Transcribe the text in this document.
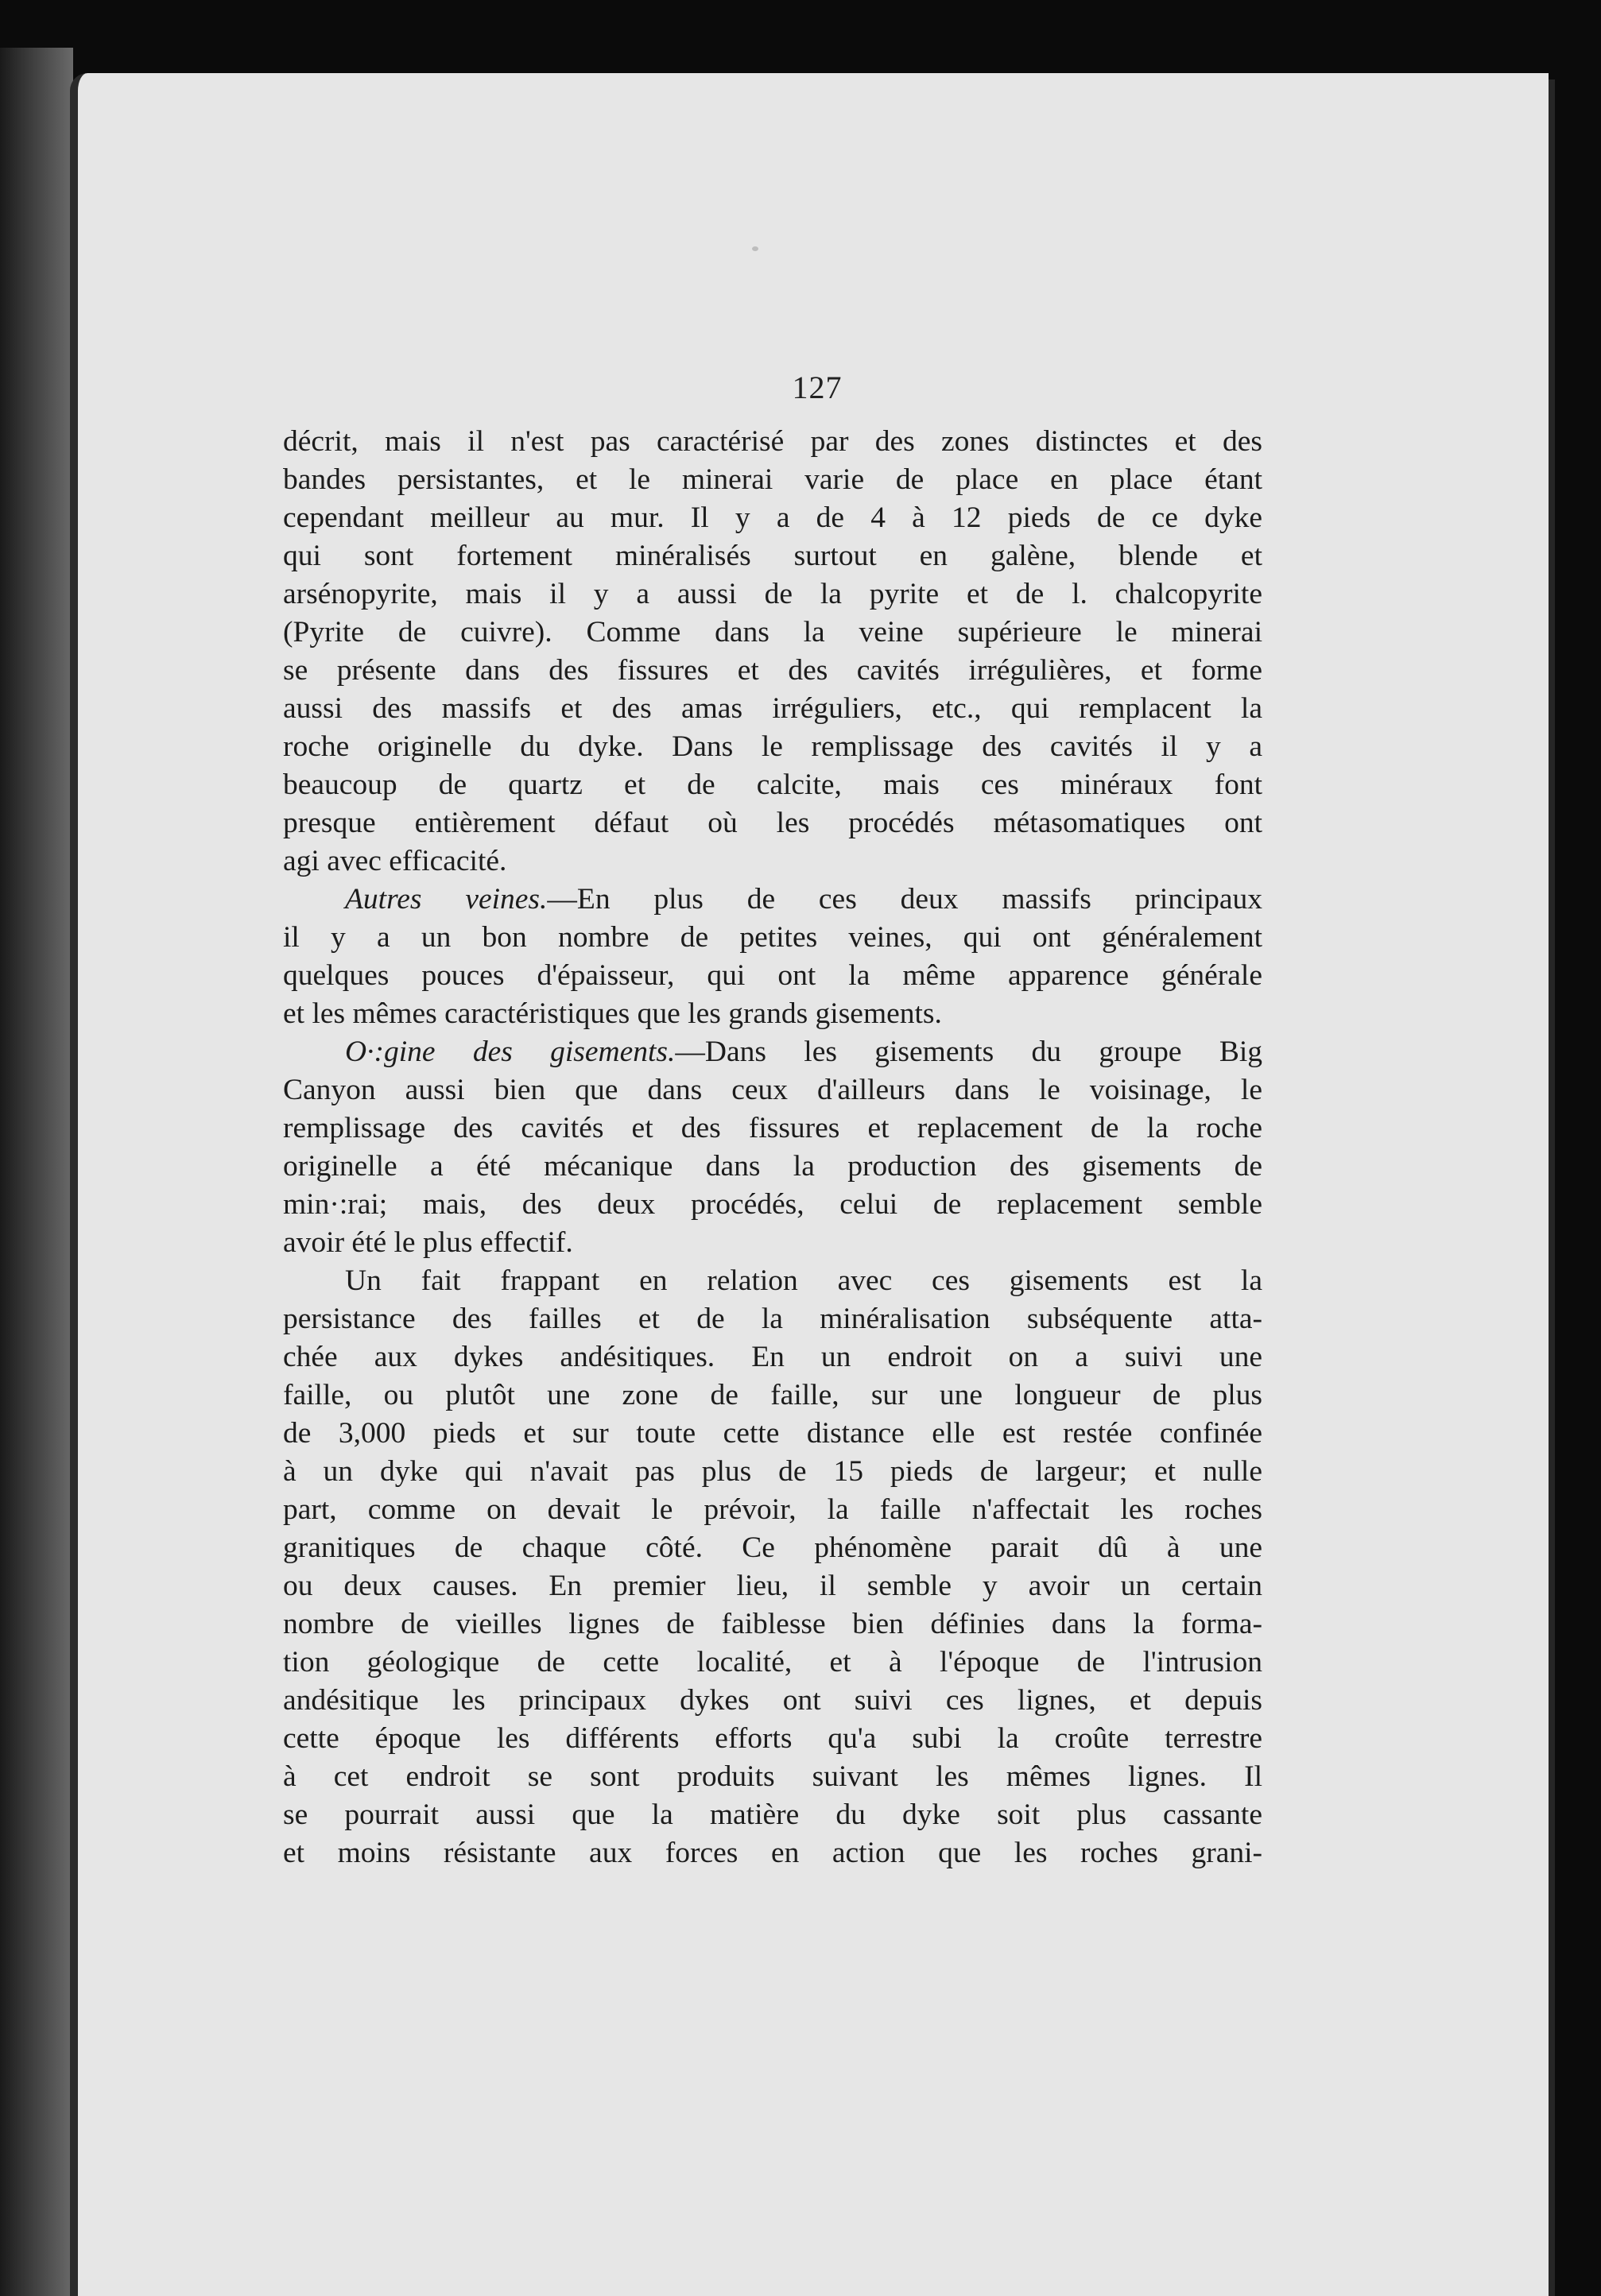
127
décrit, mais il n'est pas caractérisé par des zones distinctes et des
bandes persistantes, et le minerai varie de place en place étant
cependant meilleur au mur. Il y a de 4 à 12 pieds de ce dyke
qui sont fortement minéralisés surtout en galène, blende et
arsénopyrite, mais il y a aussi de la pyrite et de l. chalcopyrite
(Pyrite de cuivre). Comme dans la veine supérieure le minerai
se présente dans des fissures et des cavités irrégulières, et forme
aussi des massifs et des amas irréguliers, etc., qui remplacent la
roche originelle du dyke. Dans le remplissage des cavités il y a
beaucoup de quartz et de calcite, mais ces minéraux font
presque entièrement défaut où les procédés métasomatiques ont
agi avec efficacité.
Autres veines.—En plus de ces deux massifs principaux
il y a un bon nombre de petites veines, qui ont généralement
quelques pouces d'épaisseur, qui ont la même apparence générale
et les mêmes caractéristiques que les grands gisements.
O·:gine des gisements.—Dans les gisements du groupe Big
Canyon aussi bien que dans ceux d'ailleurs dans le voisinage, le
remplissage des cavités et des fissures et replacement de la roche
originelle a été mécanique dans la production des gisements de
min·:rai; mais, des deux procédés, celui de replacement semble
avoir été le plus effectif.
Un fait frappant en relation avec ces gisements est la
persistance des failles et de la minéralisation subséquente atta-
chée aux dykes andésitiques. En un endroit on a suivi une
faille, ou plutôt une zone de faille, sur une longueur de plus
de 3,000 pieds et sur toute cette distance elle est restée confinée
à un dyke qui n'avait pas plus de 15 pieds de largeur; et nulle
part, comme on devait le prévoir, la faille n'affectait les roches
granitiques de chaque côté. Ce phénomène parait dû à une
ou deux causes. En premier lieu, il semble y avoir un certain
nombre de vieilles lignes de faiblesse bien définies dans la forma-
tion géologique de cette localité, et à l'époque de l'intrusion
andésitique les principaux dykes ont suivi ces lignes, et depuis
cette époque les différents efforts qu'a subi la croûte terrestre
à cet endroit se sont produits suivant les mêmes lignes. Il
se pourrait aussi que la matière du dyke soit plus cassante
et moins résistante aux forces en action que les roches grani-
